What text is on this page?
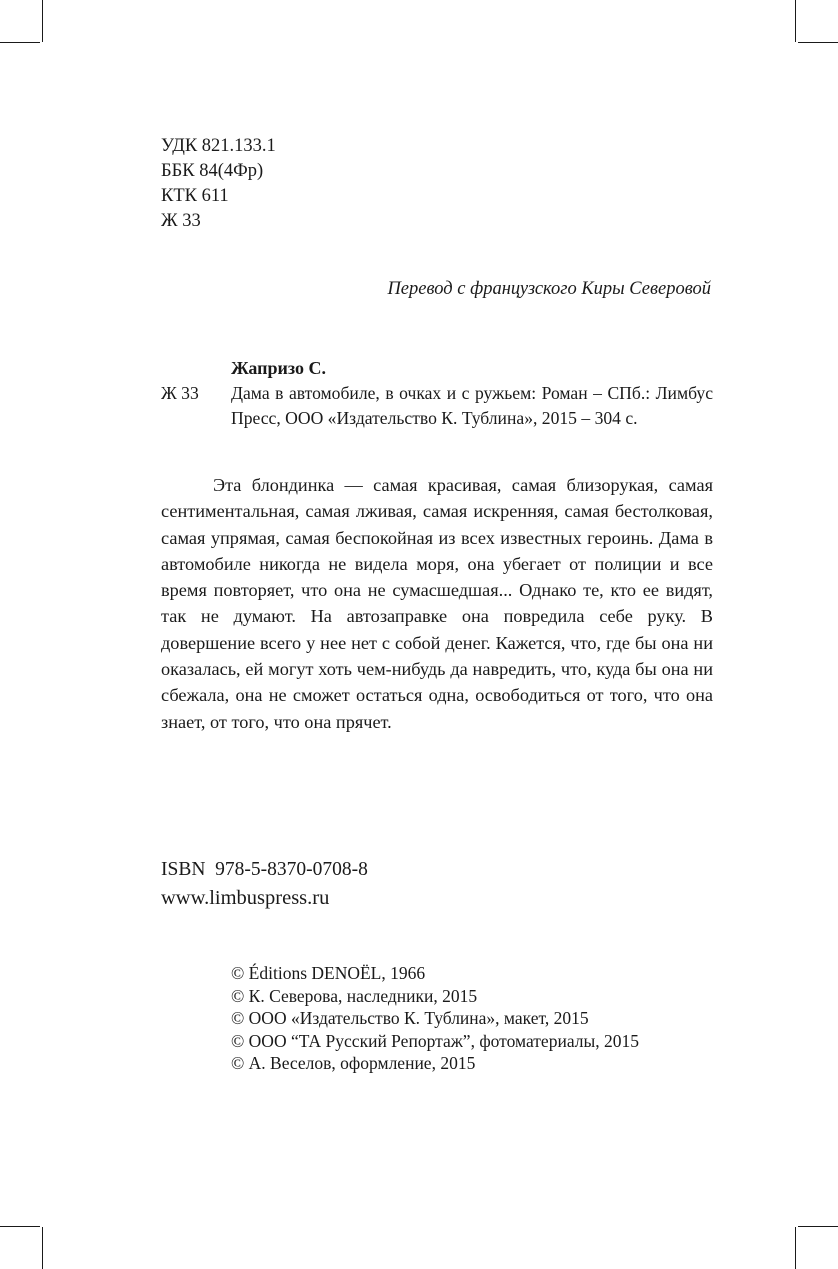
УДК 821.133.1
ББК 84(4Фр)
КТК 611
Ж 33
Перевод с французского Киры Северовой
Жапризо С.
Ж 33 Дама в автомобиле, в очках и с ружьем: Роман – СПб.: Лимбус Пресс, ООО «Издательство К. Тублина», 2015 – 304 с.

Эта блондинка — самая красивая, самая близорукая, самая сентиментальная, самая лживая, самая искренняя, самая бестолковая, самая упрямая, самая беспокойная из всех известных героинь. Дама в автомобиле никогда не видела моря, она убегает от полиции и все время повторяет, что она не сумасшедшая... Однако те, кто ее видят, так не думают. На автозаправке она повредила себе руку. В довершение всего у нее нет с собой денег. Кажется, что, где бы она ни оказалась, ей могут хоть чем-нибудь да навредить, что, куда бы она ни сбежала, она не сможет остаться одна, освободиться от того, что она знает, от того, что она прячет.

ISBN  978-5-8370-0708-8
www.limbuspress.ru
© Éditions DENOËL, 1966
© К. Северова, наследники, 2015
© ООО «Издательство К. Тублина», макет, 2015
© ООО “ТА Русский Репортаж”, фотоматериалы, 2015
© А. Веселов, оформление, 2015
